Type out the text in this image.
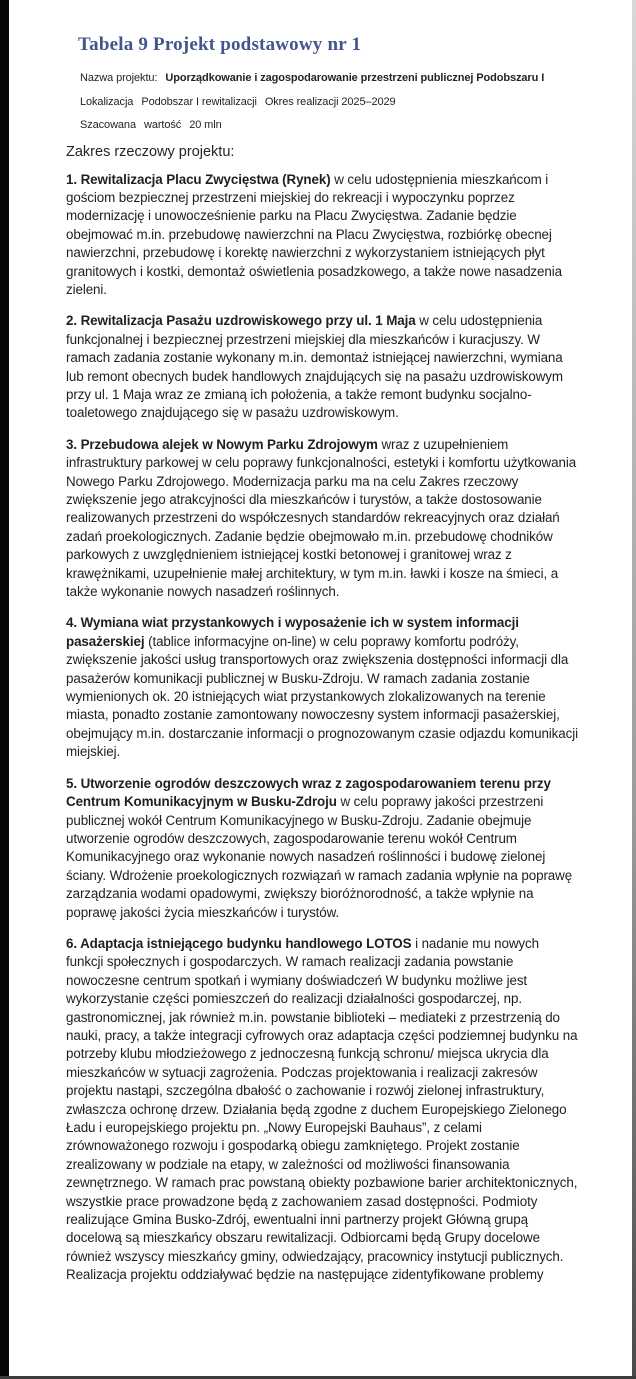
Tabela 9 Projekt podstawowy nr 1

Nazwa projektu: Uporządkowanie i zagospodarowanie przestrzeni publicznej Podobszaru I

Lokalizacja Podobszar I rewitalizacji Okres realizacji 2025–2029

Szacowana wartość 20 mln

Zakres rzeczowy projektu:

1. Rewitalizacja Placu Zwycięstwa (Rynek) w celu udostępnienia mieszkańcom i gościom bezpiecznej przestrzeni miejskiej do rekreacji i wypoczynku poprzez modernizację i unowocześnienie parku na Placu Zwycięstwa. Zadanie będzie obejmować m.in. przebudowę nawierzchni na Placu Zwycięstwa, rozbiórkę obecnej nawierzchni, przebudowę i korektę nawierzchni z wykorzystaniem istniejących płyt granitowych i kostki, demontaż oświetlenia posadzkowego, a także nowe nasadzenia zieleni.

2. Rewitalizacja Pasażu uzdrowiskowego przy ul. 1 Maja w celu udostępnienia funkcjonalnej i bezpiecznej przestrzeni miejskiej dla mieszkańców i kuracjuszy. W ramach zadania zostanie wykonany m.in. demontaż istniejącej nawierzchni, wymiana lub remont obecnych budek handlowych znajdujących się na pasażu uzdrowiskowym przy ul. 1 Maja wraz ze zmianą ich położenia, a także remont budynku socjalno-toaletowego znajdującego się w pasażu uzdrowiskowym.

3. Przebudowa alejek w Nowym Parku Zdrojowym wraz z uzupełnieniem infrastruktury parkowej w celu poprawy funkcjonalności, estetyki i komfortu użytkowania Nowego Parku Zdrojowego. Modernizacja parku ma na celu Zakres rzeczowy zwiększenie jego atrakcyjności dla mieszkańców i turystów, a także dostosowanie realizowanych przestrzeni do współczesnych standardów rekreacyjnych oraz działań zadań proekologicznych. Zadanie będzie obejmowało m.in. przebudowę chodników parkowych z uwzględnieniem istniejącej kostki betonowej i granitowej wraz z krawężnikami, uzupełnienie małej architektury, w tym m.in. ławki i kosze na śmieci, a także wykonanie nowych nasadzeń roślinnych.

4. Wymiana wiat przystankowych i wyposażenie ich w system informacji pasażerskiej (tablice informacyjne on-line) w celu poprawy komfortu podróży, zwiększenie jakości usług transportowych oraz zwiększenia dostępności informacji dla pasażerów komunikacji publicznej w Busku-Zdroju. W ramach zadania zostanie wymienionych ok. 20 istniejących wiat przystankowych zlokalizowanych na terenie miasta, ponadto zostanie zamontowany nowoczesny system informacji pasażerskiej, obejmujący m.in. dostarczanie informacji o prognozowanym czasie odjazdu komunikacji miejskiej.

5. Utworzenie ogrodów deszczowych wraz z zagospodarowaniem terenu przy Centrum Komunikacyjnym w Busku-Zdroju w celu poprawy jakości przestrzeni publicznej wokół Centrum Komunikacyjnego w Busku-Zdroju. Zadanie obejmuje utworzenie ogrodów deszczowych, zagospodarowanie terenu wokół Centrum Komunikacyjnego oraz wykonanie nowych nasadzeń roślinności i budowę zielonej ściany. Wdrożenie proekologicznych rozwiązań w ramach zadania wpłynie na poprawę zarządzania wodami opadowymi, zwiększy bioróżnorodność, a także wpłynie na poprawę jakości życia mieszkańców i turystów.

6. Adaptacja istniejącego budynku handlowego LOTOS i nadanie mu nowych funkcji społecznych i gospodarczych. W ramach realizacji zadania powstanie nowoczesne centrum spotkań i wymiany doświadczeń W budynku możliwe jest wykorzystanie części pomieszczeń do realizacji działalności gospodarczej, np. gastronomicznej, jak również m.in. powstanie biblioteki – mediateki z przestrzenią do nauki, pracy, a także integracji cyfrowych oraz adaptacja części podziemnej budynku na potrzeby klubu młodzieżowego z jednoczesną funkcją schronu/ miejsca ukrycia dla mieszkańców w sytuacji zagrożenia. Podczas projektowania i realizacji zakresów projektu nastąpi, szczególna dbałość o zachowanie i rozwój zielonej infrastruktury, zwłaszcza ochronę drzew. Działania będą zgodne z duchem Europejskiego Zielonego Ładu i europejskiego projektu pn. „Nowy Europejski Bauhaus”, z celami zrównoważonego rozwoju i gospodarką obiegu zamkniętego. Projekt zostanie zrealizowany w podziale na etapy, w zależności od możliwości finansowania zewnętrznego. W ramach prac powstaną obiekty pozbawione barier architektonicznych, wszystkie prace prowadzone będą z zachowaniem zasad dostępności. Podmioty realizujące Gmina Busko-Zdrój, ewentualni inni partnerzy projekt Główną grupą docelową są mieszkańcy obszaru rewitalizacji. Odbiorcami będą Grupy docelowe również wszyscy mieszkańcy gminy, odwiedzający, pracownicy instytucji publicznych. Realizacja projektu oddziaływać będzie na następujące zidentyfikowane problemy
